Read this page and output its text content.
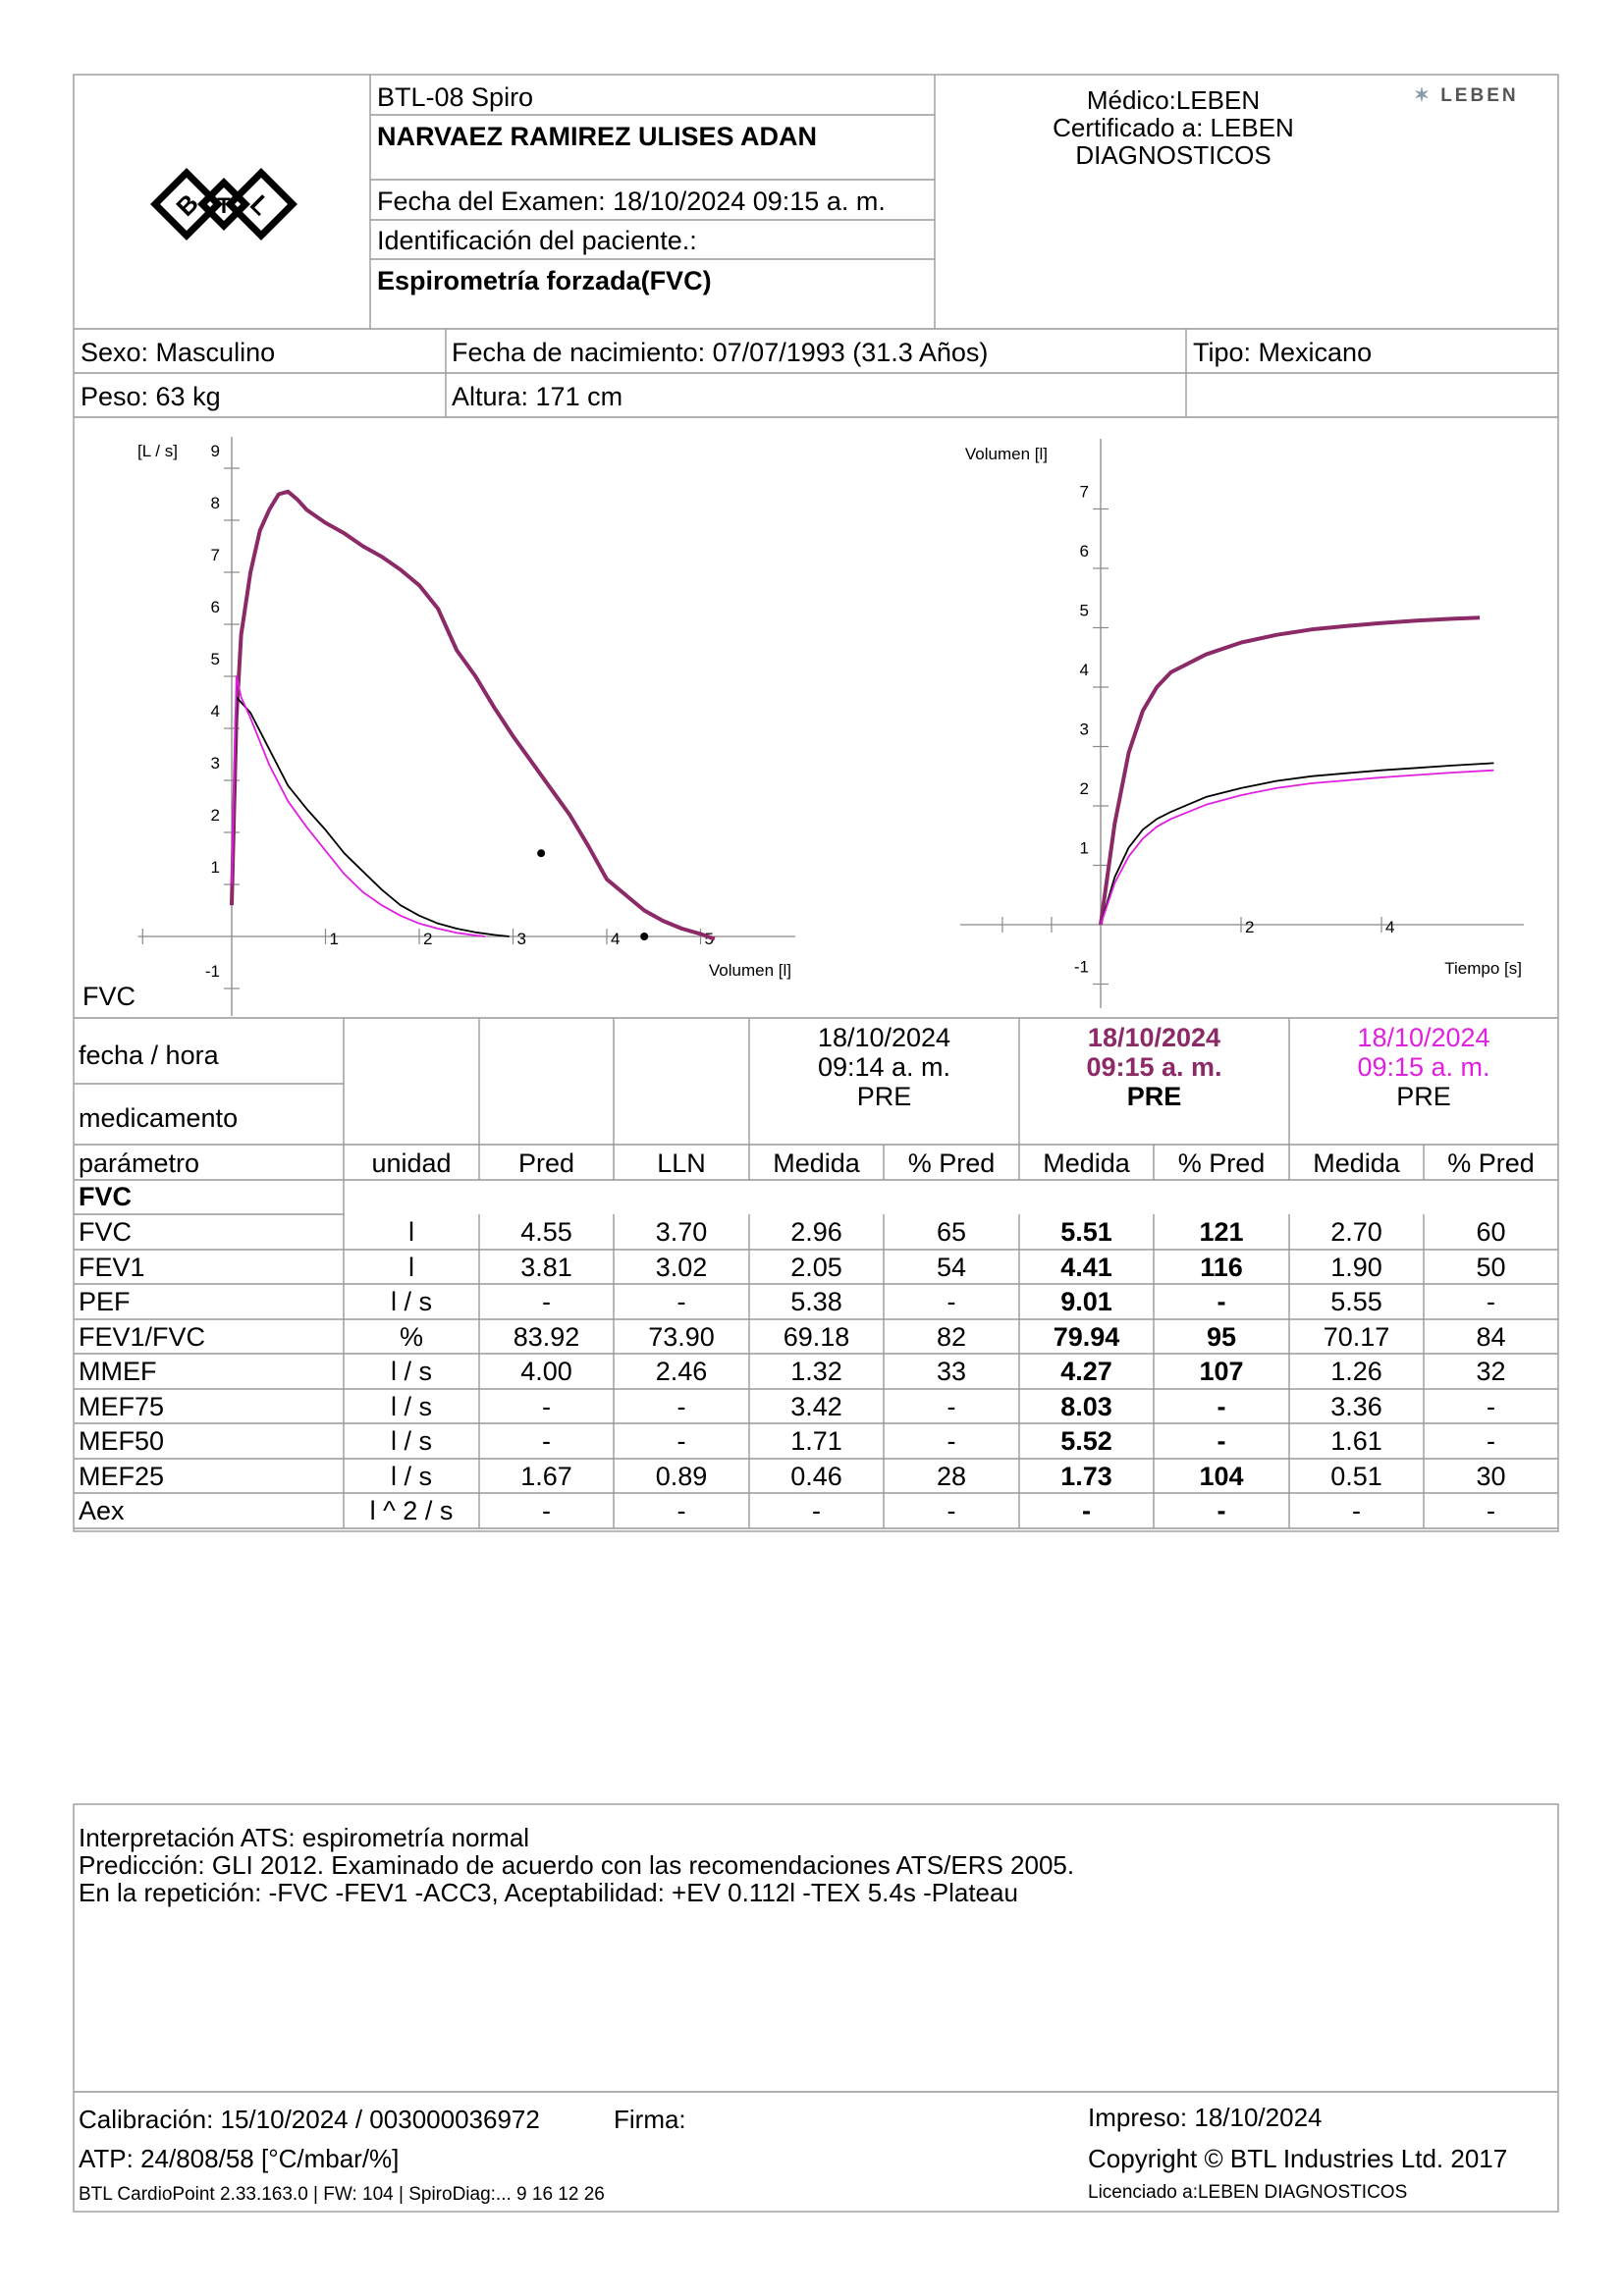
B T L
BTL-08 Spiro
NARVAEZ RAMIREZ ULISES ADAN
Fecha del Examen: 18/10/2024 09:15 a. m.
Identificación del paciente.:
Espirometría forzada(FVC)
Médico:LEBEN
Certificado a: LEBEN
DIAGNOSTICOS
✶ LEBEN
Sexo: Masculino	Fecha de nacimiento: 07/07/1993 (31.3 Años)	Tipo: Mexicano
Peso: 63 kg	Altura: 171 cm
1	2	3	4	5
-1
1
2
3
4
5
6
7
8
9
[L / s]
Volumen [l]
2	4
-1
1
2
3
4
5
6
7
Volumen [l]
Tiempo [s]
FVC
fecha / hora
medicamento
18/10/2024
09:14 a. m.
PRE
18/10/2024
09:15 a. m.
PRE
18/10/2024
09:15 a. m.
PRE
parámetro	unidad	Pred	LLN	Medida	% Pred	Medida	% Pred	Medida	% Pred
FVC
FVC	l	4.55	3.70	2.96	65	5.51	121	2.70	60
FEV1	l	3.81	3.02	2.05	54	4.41	116	1.90	50
PEF	l / s	-	-	5.38	-	9.01	-	5.55	-
FEV1/FVC	%	83.92	73.90	69.18	82	79.94	95	70.17	84
MMEF	l / s	4.00	2.46	1.32	33	4.27	107	1.26	32
MEF75	l / s	-	-	3.42	-	8.03	-	3.36	-
MEF50	l / s	-	-	1.71	-	5.52	-	1.61	-
MEF25	l / s	1.67	0.89	0.46	28	1.73	104	0.51	30
Aex	l ^ 2 / s	-	-	-	-	-	-	-	-
Interpretación ATS: espirometría normal
Predicción: GLI 2012. Examinado de acuerdo con las recomendaciones ATS/ERS 2005.
En la repetición: -FVC -FEV1 -ACC3, Aceptabilidad: +EV 0.112l -TEX 5.4s -Plateau
Calibración: 15/10/2024 / 003000036972	Firma:	Impreso: 18/10/2024
ATP: 24/808/58 [°C/mbar/%]	Copyright © BTL Industries Ltd. 2017
BTL CardioPoint 2.33.163.0 | FW: 104 | SpiroDiag:... 9 16 12 26	Licenciado a:LEBEN DIAGNOSTICOS
